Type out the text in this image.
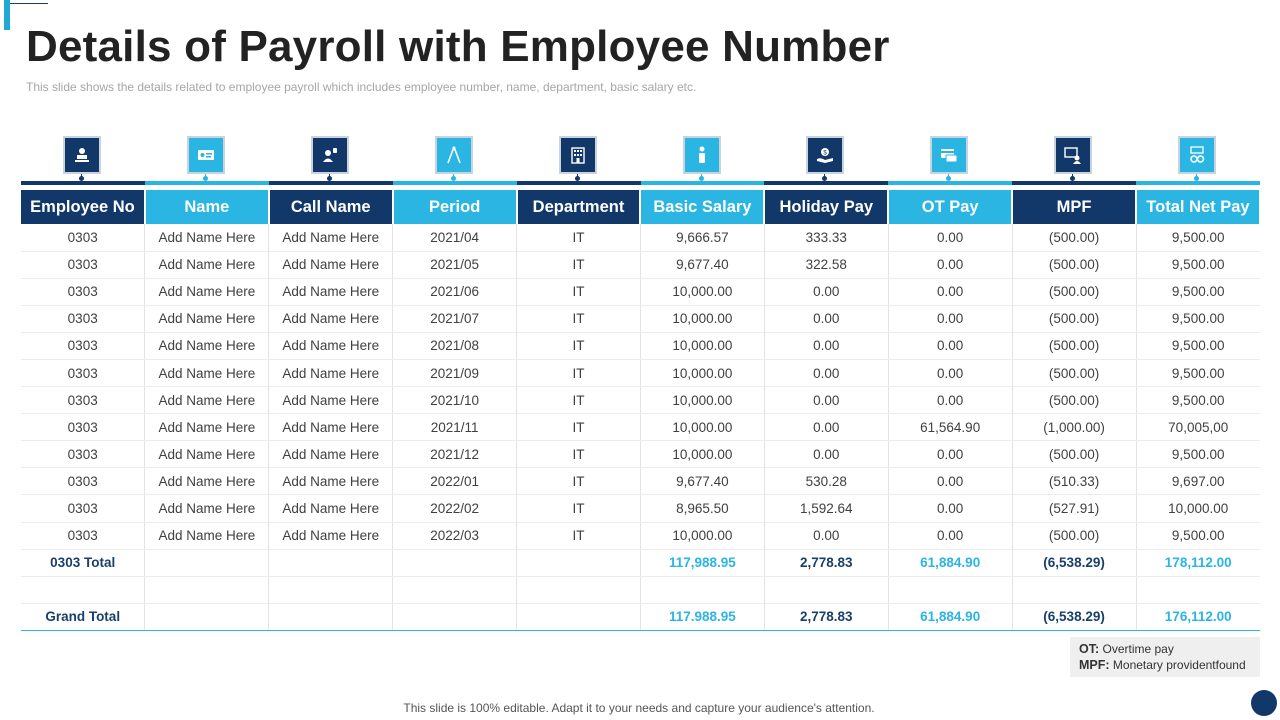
Details of Payroll with Employee Number

This slide shows the details related to employee payroll which includes employee number, name, department, basic salary etc.

$
Employee No	Name	Call Name	Period	Department	Basic Salary	Holiday Pay	OT Pay	MPF	Total Net Pay
0303	Add Name Here	Add Name Here	2021/04	IT	9,666.57	333.33	0.00	(500.00)	9,500.00
0303	Add Name Here	Add Name Here	2021/05	IT	9,677.40	322.58	0.00	(500.00)	9,500.00
0303	Add Name Here	Add Name Here	2021/06	IT	10,000.00	0.00	0.00	(500.00)	9,500.00
0303	Add Name Here	Add Name Here	2021/07	IT	10,000.00	0.00	0.00	(500.00)	9,500.00
0303	Add Name Here	Add Name Here	2021/08	IT	10,000.00	0.00	0.00	(500.00)	9,500.00
0303	Add Name Here	Add Name Here	2021/09	IT	10,000.00	0.00	0.00	(500.00)	9,500.00
0303	Add Name Here	Add Name Here	2021/10	IT	10,000.00	0.00	0.00	(500.00)	9,500.00
0303	Add Name Here	Add Name Here	2021/11	IT	10,000.00	0.00	61,564.90	(1,000.00)	70,005,00
0303	Add Name Here	Add Name Here	2021/12	IT	10,000.00	0.00	0.00	(500.00)	9,500.00
0303	Add Name Here	Add Name Here	2022/01	IT	9,677.40	530.28	0.00	(510.33)	9,697.00
0303	Add Name Here	Add Name Here	2022/02	IT	8,965.50	1,592.64	0.00	(527.91)	10,000.00
0303	Add Name Here	Add Name Here	2022/03	IT	10,000.00	0.00	0.00	(500.00)	9,500.00
0303 Total					117,988.95	2,778.83	61,884.90	(6,538.29)	178,112.00

Grand Total					117.988.95	2,778.83	61,884.90	(6,538.29)	176,112.00
OT: Overtime pay
MPF: Monetary providentfound
This slide is 100% editable. Adapt it to your needs and capture your audience's attention.
